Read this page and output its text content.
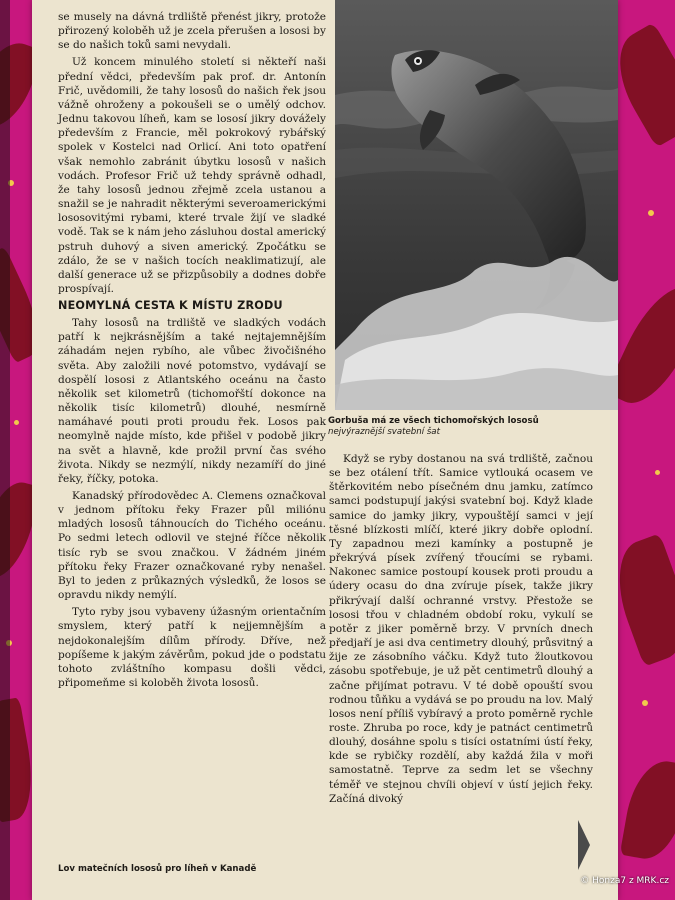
se musely na dávná trdliště přenést jikry, protože přirozený koloběh už je zcela přerušen a lososi by se do našich toků sami nevydali.

Už koncem minulého století si někteří naši přední vědci, především pak prof. dr. Antonín Frič, uvědomili, že tahy lososů do našich řek jsou vážně ohroženy a pokoušeli se o umělý odchov. Jednu takovou líheň, kam se lososí jikry dovážely především z Francie, měl pokrokový rybářský spolek v Kostelci nad Orlicí. Ani toto opatření však nemohlo zabránit úbytku lososů v našich vodách. Profesor Frič už tehdy správně odhadl, že tahy lososů jednou zřejmě zcela ustanou a snažil se je nahradit některými severoamerickými lososovitými rybami, které trvale žijí ve sladké vodě. Tak se k nám jeho zásluhou dostal americký pstruh duhový a siven americký. Zpočátku se zdálo, že se v našich tocích neaklimatizují, ale další generace už se přizpůsobily a dodnes dobře prospívají.

NEOMYLNÁ CESTA K MÍSTU ZRODU

Tahy lososů na trdliště ve sladkých vodách patří k nejkrásnějším a také nejtajemnějším záhadám nejen rybího, ale vůbec živočišného světa. Aby založili nové potomstvo, vydávají se dospělí lososi z Atlantského oceánu na často několik set kilometrů (tichomořští dokonce na několik tisíc kilometrů) dlouhé, nesmírně namáhavé pouti proti proudu řek. Losos pak neomylně najde místo, kde přišel v podobě jikry na svět a hlavně, kde prožil první čas svého života. Nikdy se nezmýlí, nikdy nezamíří do jiné řeky, říčky, potoka.

Kanadský přírodovědec A. Clemens označkoval v jednom přítoku řeky Frazer půl miliónu mladých lososů táhnoucích do Tichého oceánu. Po sedmi letech odlovil ve stejné říčce několik tisíc ryb se svou značkou. V žádném jiném přítoku řeky Frazer označkované ryby nenašel. Byl to jeden z průkazných výsledků, že losos se opravdu nikdy nemýlí.

Tyto ryby jsou vybaveny úžasným orientačním smyslem, který patří k nejjemnějším a nejdokonalejším dílům přírody. Dříve, než popíšeme k jakým závěrům, pokud jde o podstatu tohoto zvláštního kompasu došli vědci, připomeňme si koloběh života lososů.

Lov matečních lososů pro líheň v Kanadě
Gorbuša má ze všech tichomořských lososů
nejvýraznější svatební šat

Když se ryby dostanou na svá trdliště, začnou se bez otálení třít. Samice vytlouká ocasem ve štěrkovitém nebo písečném dnu jamku, zatímco samci podstupují jakýsi svatební boj. Když klade samice do jamky jikry, vypouštějí samci v její těsné blízkosti mlíčí, které jikry dobře oplodní. Ty zapadnou mezi kamínky a postupně je překrývá písek zvířený třoucími se rybami. Nakonec samice postoupí kousek proti proudu a údery ocasu do dna zvíruje písek, takže jikry přikrývají další ochranné vrstvy. Přestože se lososi třou v chladném období roku, vykulí se potěr z jiker poměrně brzy. V prvních dnech předjaří je asi dva centimetry dlouhý, průsvitný a žije ze zásobního váčku. Když tuto žloutkovou zásobu spotřebuje, je už pět centimetrů dlouhý a začne přijímat potravu. V té době opouští svou rodnou tůňku a vydává se po proudu na lov. Malý losos není příliš vybíravý a proto poměrně rychle roste. Zhruba po roce, kdy je patnáct centimetrů dlouhý, dosáhne spolu s tisíci ostatními ústí řeky, kde se rybičky rozdělí, aby každá žila v moři samostatně. Teprve za sedm let se všechny téměř ve stejnou chvíli objeví v ústí jejich řeky. Začíná divoký

© Honza7 z MRK.cz
